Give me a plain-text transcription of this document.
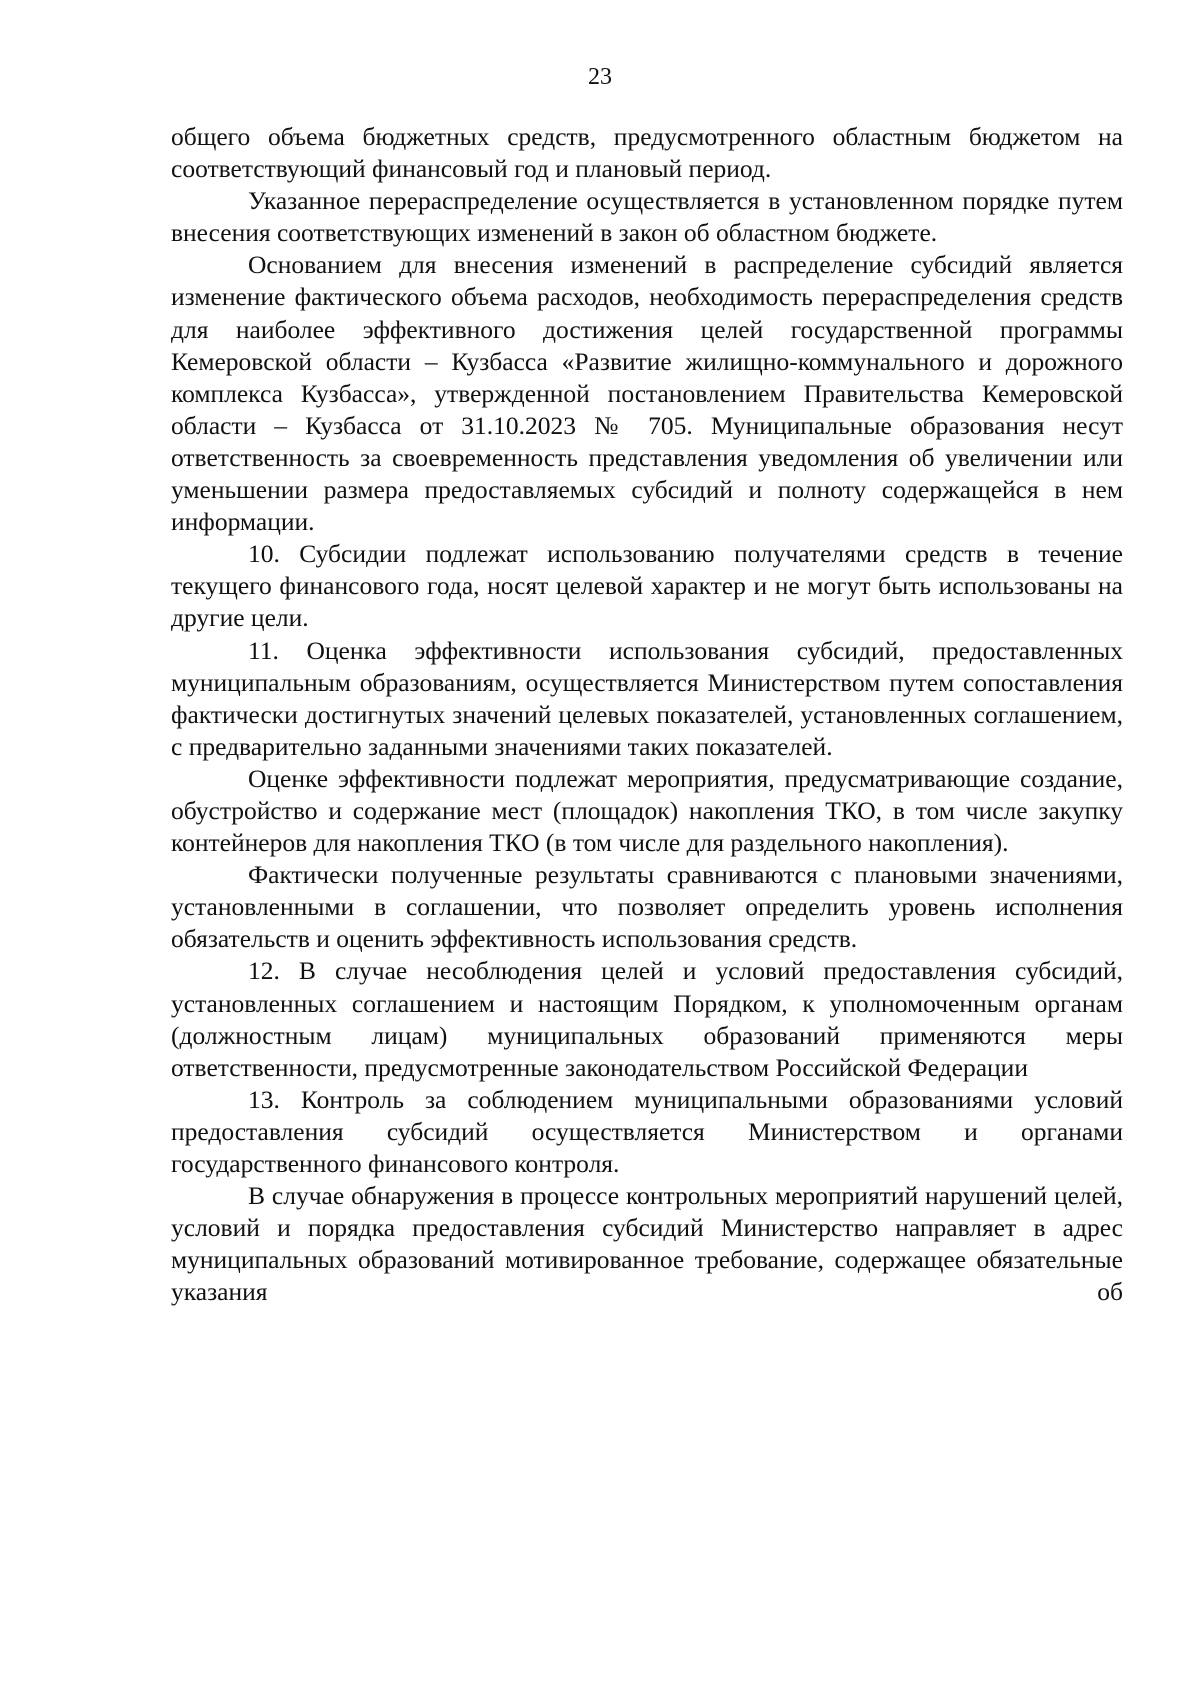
23

общего объема бюджетных средств, предусмотренного областным бюджетом на соответствующий финансовый год и плановый период.

Указанное перераспределение осуществляется в установленном порядке путем внесения соответствующих изменений в закон об областном бюджете.

Основанием для внесения изменений в распределение субсидий является изменение фактического объема расходов, необходимость перераспределения средств для наиболее эффективного достижения целей государственной программы Кемеровской области – Кузбасса «Развитие жилищно-коммунального и дорожного комплекса Кузбасса», утвержденной постановлением Правительства Кемеровской области – Кузбасса от 31.10.2023 № 705. Муниципальные образования несут ответственность за своевременность представления уведомления об увеличении или уменьшении размера предоставляемых субсидий и полноту содержащейся в нем информации.

10. Субсидии подлежат использованию получателями средств в течение текущего финансового года, носят целевой характер и не могут быть использованы на другие цели.

11. Оценка эффективности использования субсидий, предоставленных муниципальным образованиям, осуществляется Министерством путем сопоставления фактически достигнутых значений целевых показателей, установленных соглашением, с предварительно заданными значениями таких показателей.

Оценке эффективности подлежат мероприятия, предусматривающие создание, обустройство и содержание мест (площадок) накопления ТКО, в том числе закупку контейнеров для накопления ТКО (в том числе для раздельного накопления).

Фактически полученные результаты сравниваются с плановыми значениями, установленными в соглашении, что позволяет определить уровень исполнения обязательств и оценить эффективность использования средств.

12. В случае несоблюдения целей и условий предоставления субсидий, установленных соглашением и настоящим Порядком, к уполномоченным органам (должностным лицам) муниципальных образований применяются меры ответственности, предусмотренные законодательством Российской Федерации

13. Контроль за соблюдением муниципальными образованиями условий предоставления субсидий осуществляется Министерством и органами государственного финансового контроля.

В случае обнаружения в процессе контрольных мероприятий нарушений целей, условий и порядка предоставления субсидий Министерство направляет в адрес муниципальных образований мотивированное требование, содержащее обязательные указания об
